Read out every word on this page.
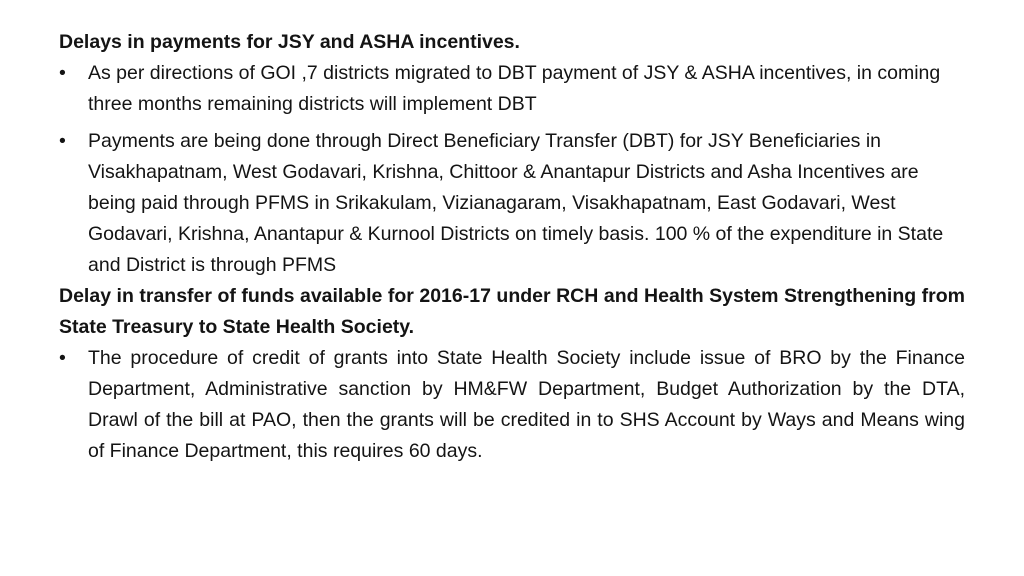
Delays in payments for JSY and ASHA incentives.

•	As per directions of GOI ,7 districts migrated to DBT payment of JSY & ASHA incentives, in coming three months remaining districts will implement DBT
•	Payments are being done through Direct Beneficiary Transfer (DBT) for JSY Beneficiaries in Visakhapatnam, West Godavari, Krishna, Chittoor & Anantapur Districts and Asha Incentives are being paid through PFMS in Srikakulam, Vizianagaram, Visakhapatnam, East Godavari, West Godavari, Krishna, Anantapur & Kurnool Districts on timely basis. 100 % of the expenditure in State and District is through PFMS

Delay in transfer of funds available for 2016-17 under RCH and Health System Strengthening from State Treasury to State Health Society.

•	The procedure of credit of grants into State Health Society include issue of BRO by the Finance Department, Administrative sanction by HM&FW Department, Budget Authorization by the DTA, Drawl of the bill at PAO, then the grants will be credited in to SHS Account by Ways and Means wing of Finance Department, this requires 60 days.
